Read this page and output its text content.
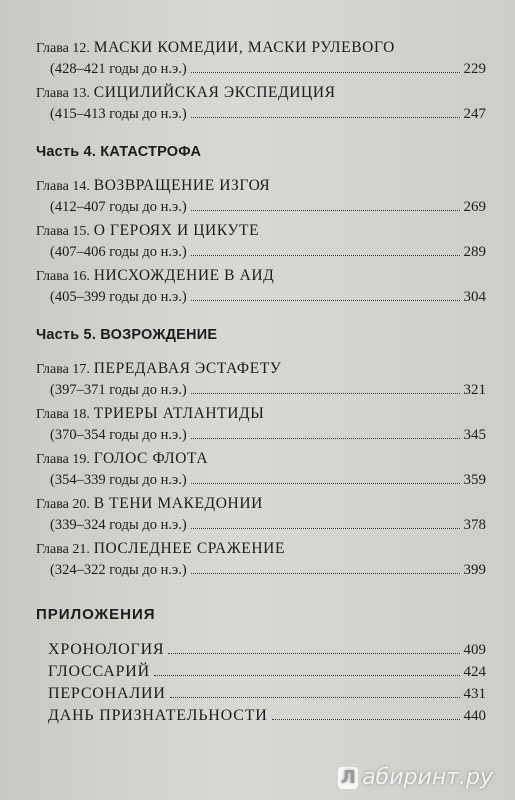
Глава 12. МАСКИ КОМЕДИИ, МАСКИ РУЛЕВОГО
(428–421 годы до н.э.)	229
Глава 13. СИЦИЛИЙСКАЯ ЭКСПЕДИЦИЯ
(415–413 годы до н.э.)	247
Часть 4. КАТАСТРОФА
Глава 14. ВОЗВРАЩЕНИЕ ИЗГОЯ
(412–407 годы до н.э.)	269
Глава 15. О ГЕРОЯХ И ЦИКУТЕ
(407–406 годы до н.э.)	289
Глава 16. НИСХОЖДЕНИЕ В АИД
(405–399 годы до н.э.)	304
Часть 5. ВОЗРОЖДЕНИЕ
Глава 17. ПЕРЕДАВАЯ ЭСТАФЕТУ
(397–371 годы до н.э.)	321
Глава 18. ТРИЕРЫ АТЛАНТИДЫ
(370–354 годы до н.э.)	345
Глава 19. ГОЛОС ФЛОТА
(354–339 годы до н.э.)	359
Глава 20. В ТЕНИ МАКЕДОНИИ
(339–324 годы до н.э.)	378
Глава 21. ПОСЛЕДНЕЕ СРАЖЕНИЕ
(324–322 годы до н.э.)	399
ПРИЛОЖЕНИЯ
ХРОНОЛОГИЯ	409
ГЛОССАРИЙ	424
ПЕРСОНАЛИИ	431
ДАНЬ ПРИЗНАТЕЛЬНОСТИ	440
Л абиринт.ру
